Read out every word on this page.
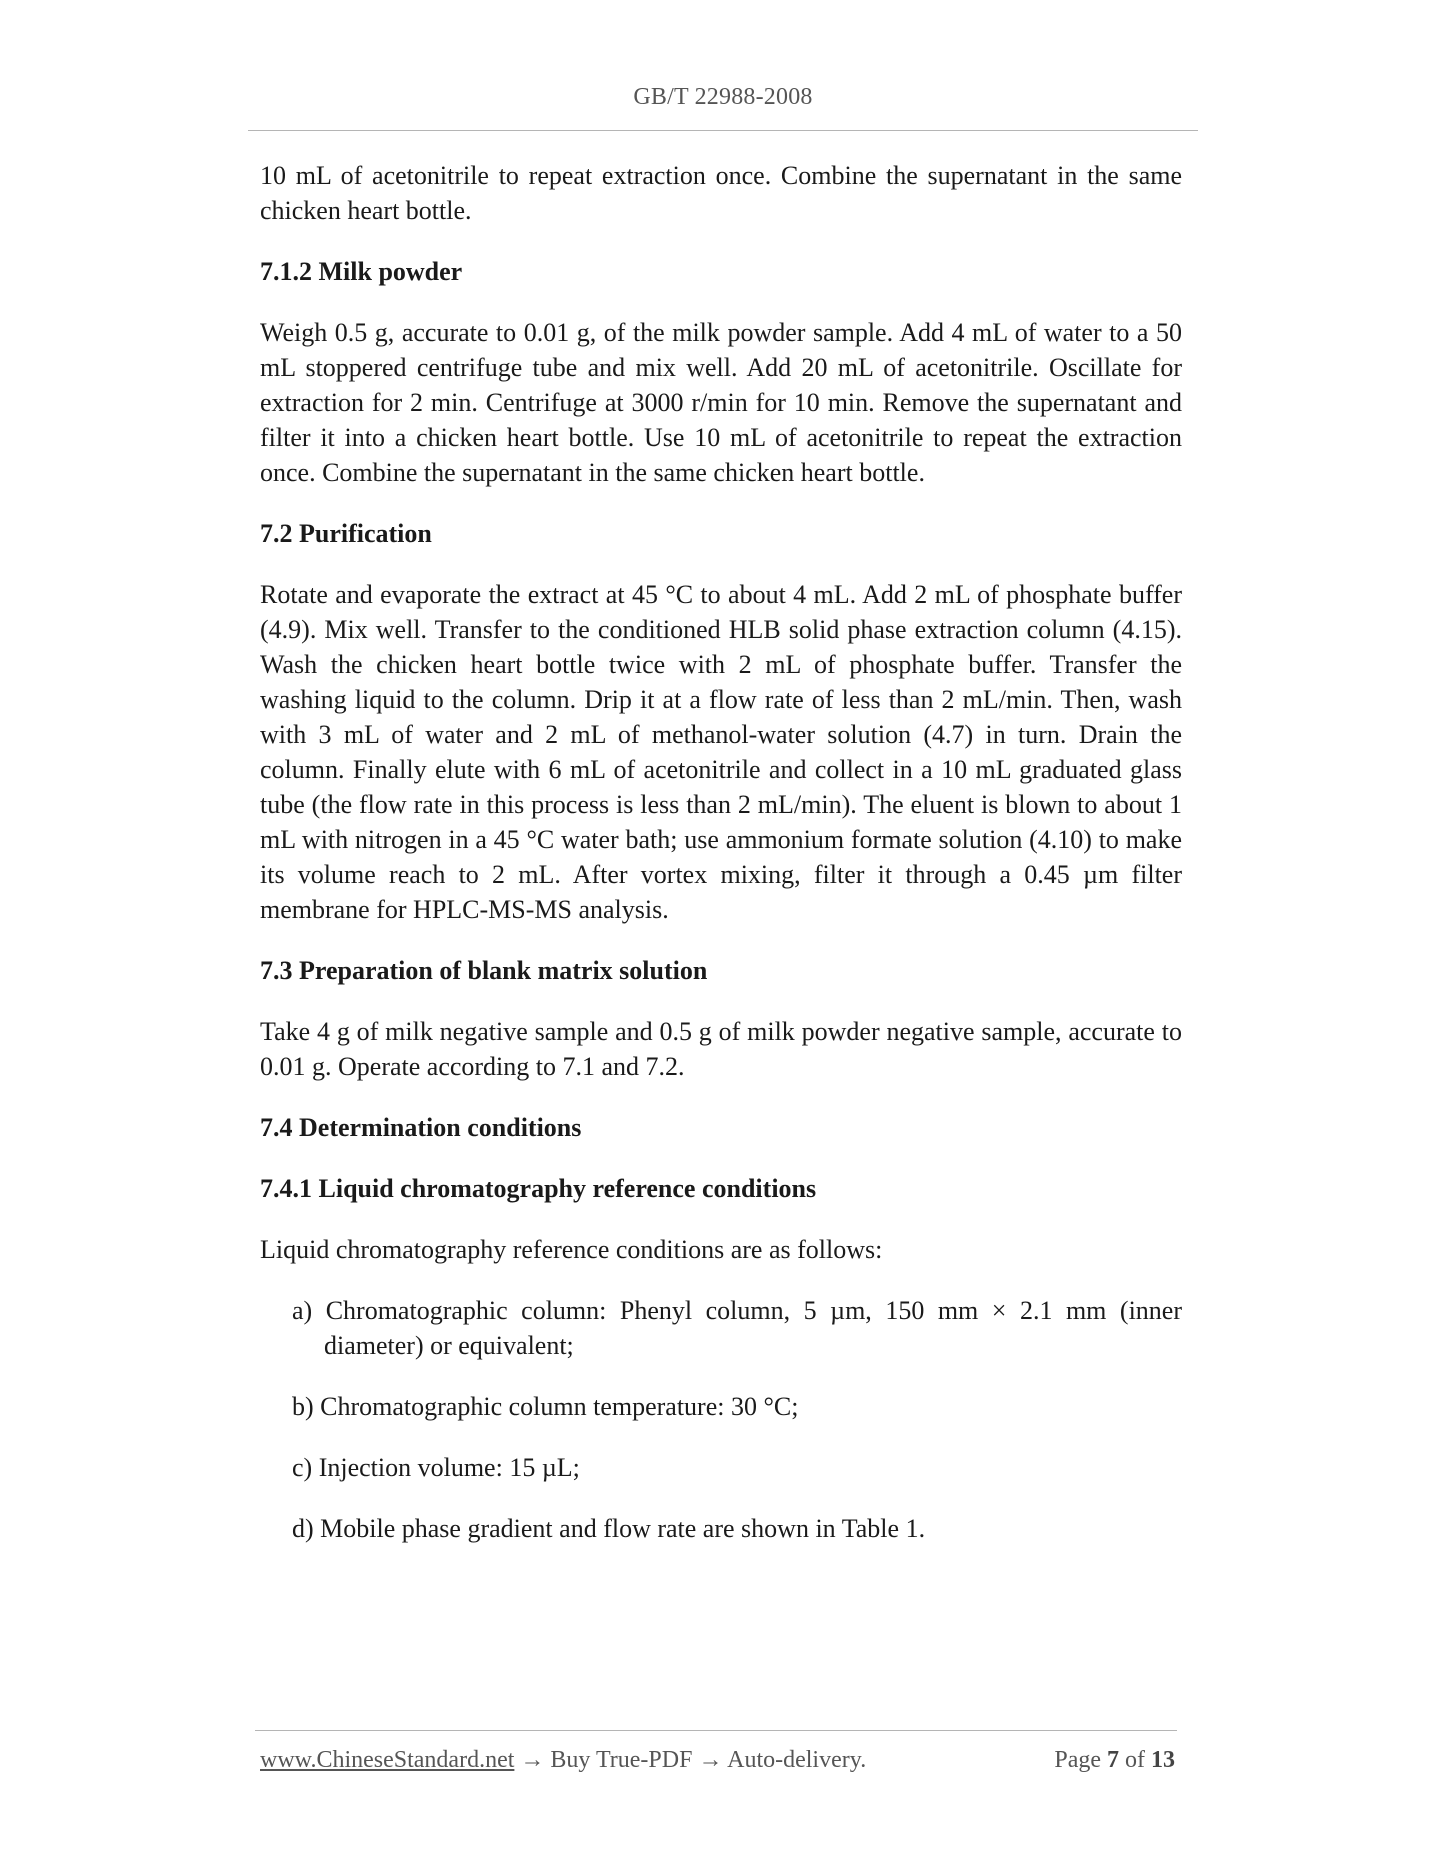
GB/T 22988-2008

10 mL of acetonitrile to repeat extraction once. Combine the supernatant in the same chicken heart bottle.

7.1.2 Milk powder

Weigh 0.5 g, accurate to 0.01 g, of the milk powder sample. Add 4 mL of water to a 50 mL stoppered centrifuge tube and mix well. Add 20 mL of acetonitrile. Oscillate for extraction for 2 min. Centrifuge at 3000 r/min for 10 min. Remove the supernatant and filter it into a chicken heart bottle. Use 10 mL of acetonitrile to repeat the extraction once. Combine the supernatant in the same chicken heart bottle.

7.2 Purification

Rotate and evaporate the extract at 45 °C to about 4 mL. Add 2 mL of phosphate buffer (4.9). Mix well. Transfer to the conditioned HLB solid phase extraction column (4.15). Wash the chicken heart bottle twice with 2 mL of phosphate buffer. Transfer the washing liquid to the column. Drip it at a flow rate of less than 2 mL/min. Then, wash with 3 mL of water and 2 mL of methanol-water solution (4.7) in turn. Drain the column. Finally elute with 6 mL of acetonitrile and collect in a 10 mL graduated glass tube (the flow rate in this process is less than 2 mL/min). The eluent is blown to about 1 mL with nitrogen in a 45 °C water bath; use ammonium formate solution (4.10) to make its volume reach to 2 mL. After vortex mixing, filter it through a 0.45 µm filter membrane for HPLC-MS-MS analysis.

7.3 Preparation of blank matrix solution

Take 4 g of milk negative sample and 0.5 g of milk powder negative sample, accurate to 0.01 g. Operate according to 7.1 and 7.2.

7.4 Determination conditions

7.4.1 Liquid chromatography reference conditions

Liquid chromatography reference conditions are as follows:

a) Chromatographic column: Phenyl column, 5 µm, 150 mm × 2.1 mm (inner diameter) or equivalent;

b) Chromatographic column temperature: 30 °C;

c) Injection volume: 15 µL;

d) Mobile phase gradient and flow rate are shown in Table 1.

www.ChineseStandard.net → Buy True-PDF → Auto-delivery.	Page 7 of 13
